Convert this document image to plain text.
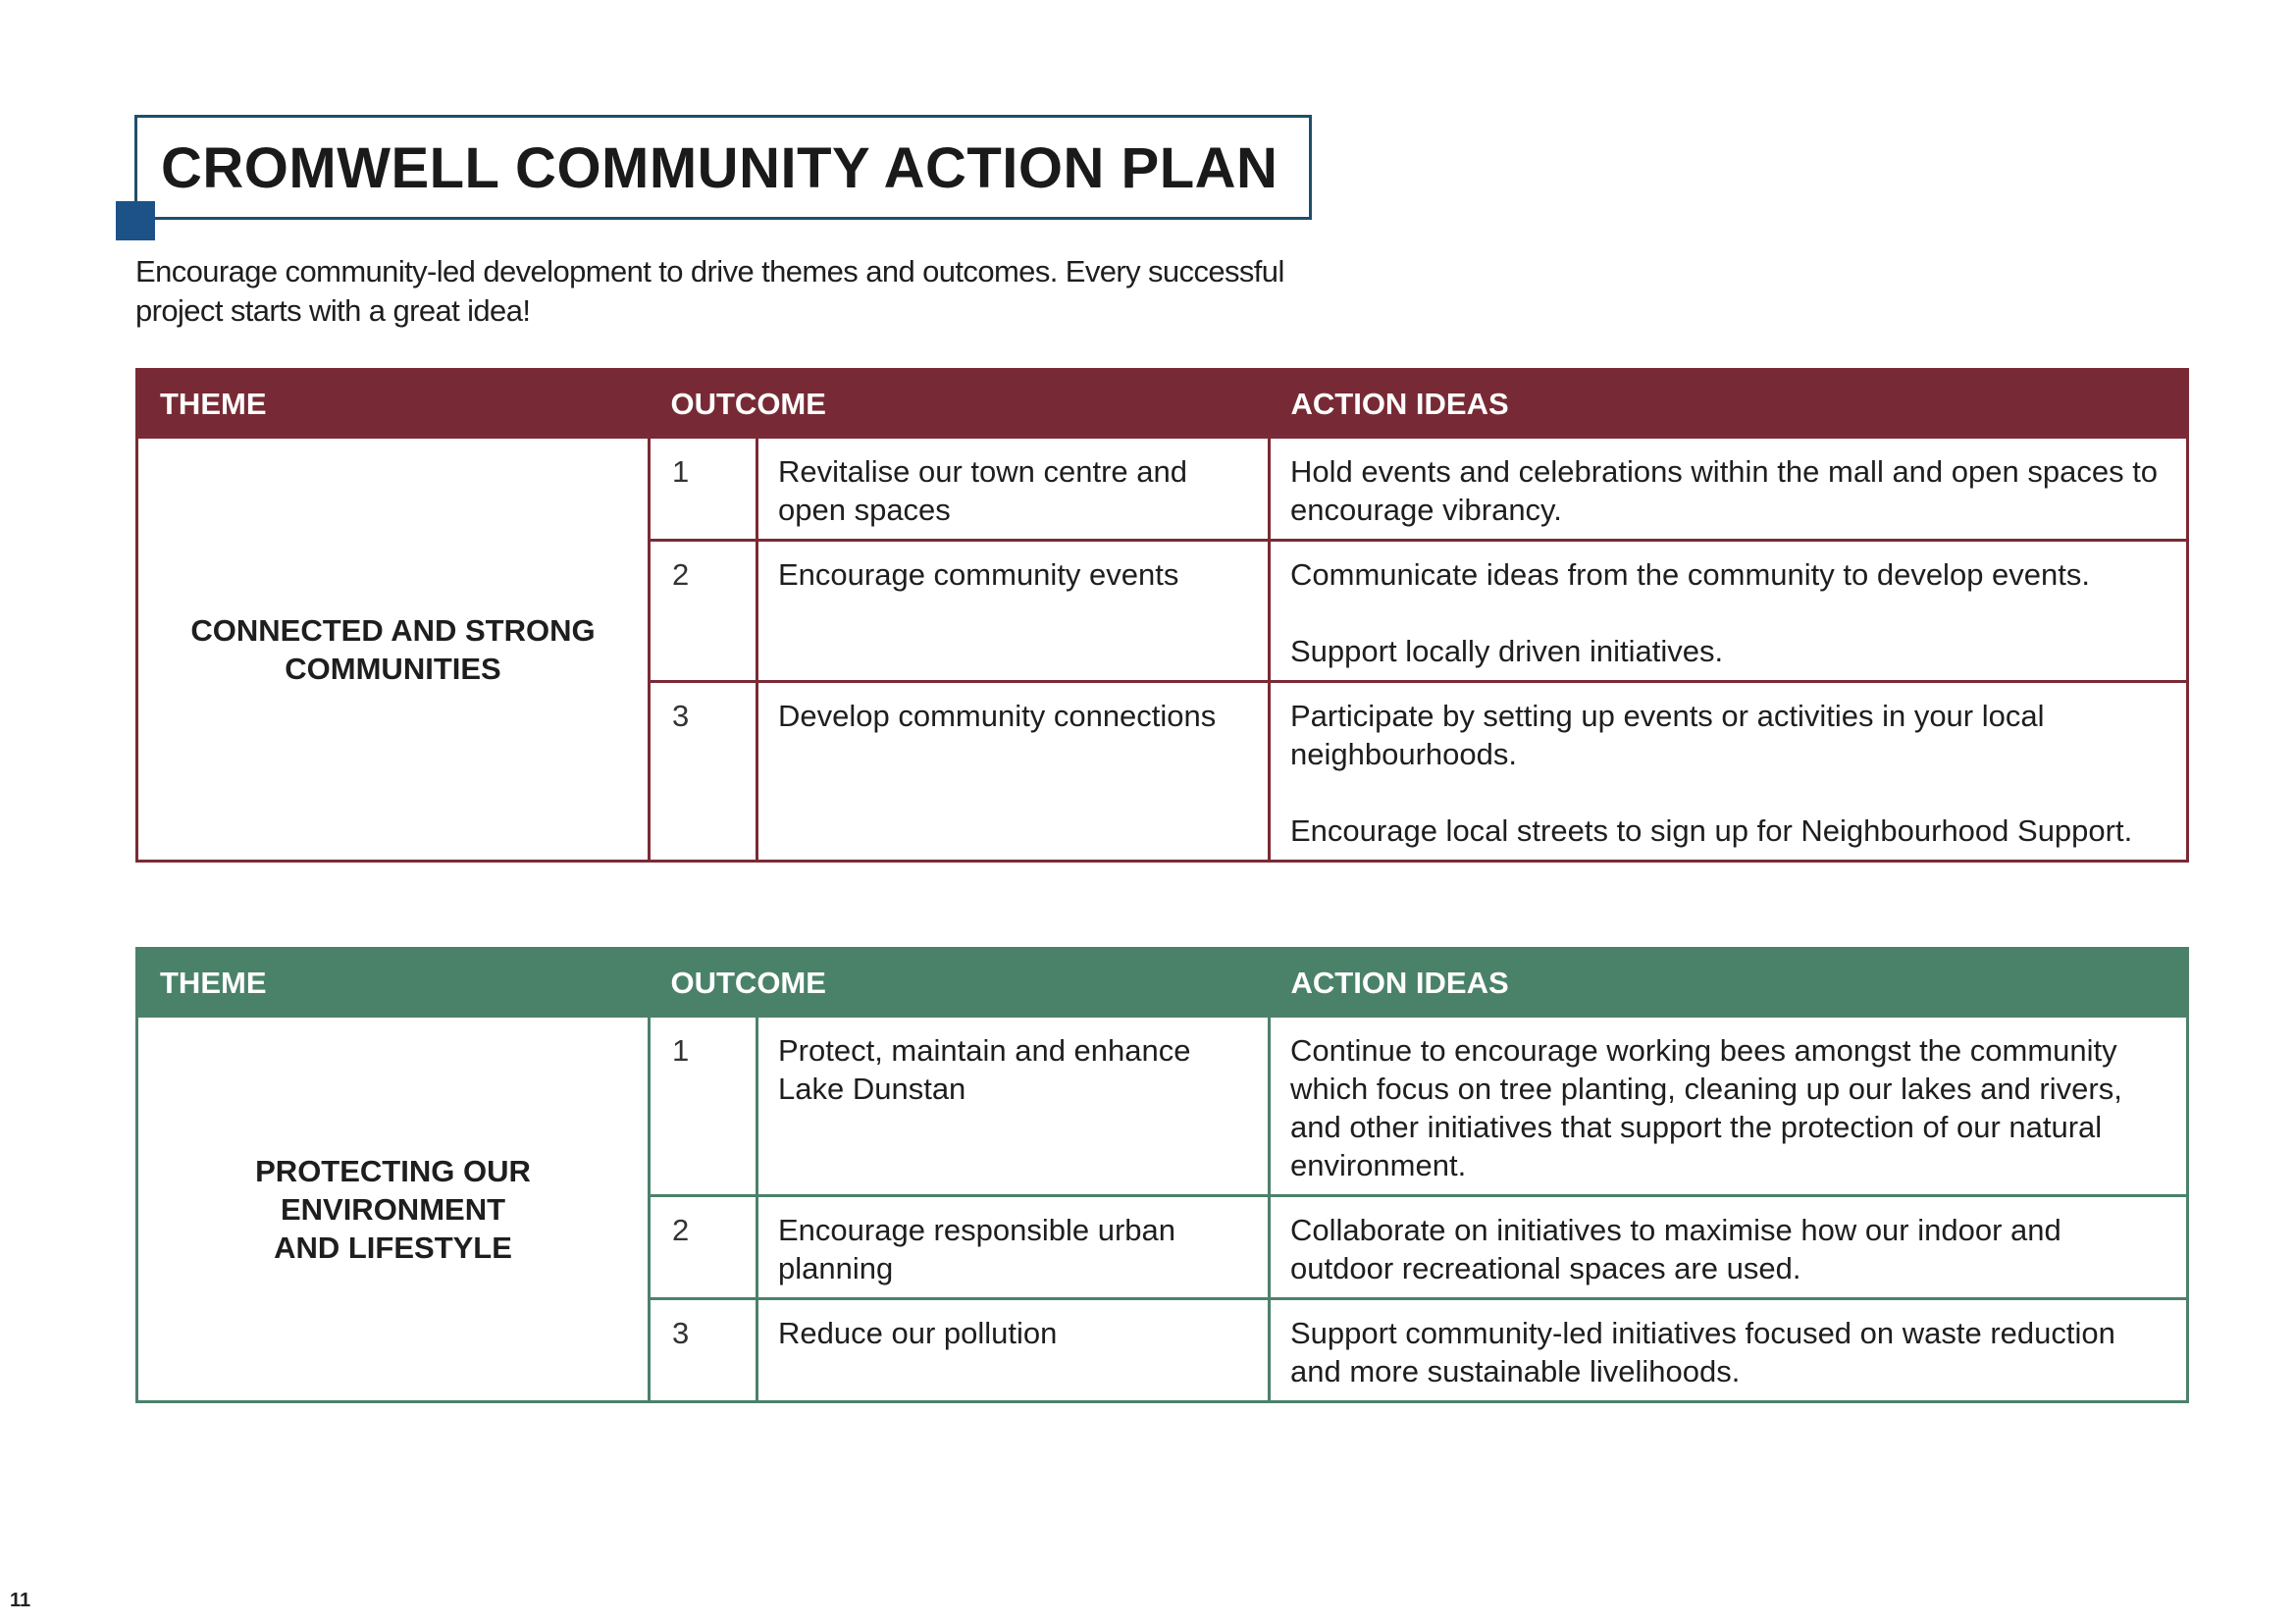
CROMWELL COMMUNITY ACTION PLAN
Encourage community-led development to drive themes and outcomes. Every successful project starts with a great idea!
THEME	OUTCOME		ACTION IDEAS

CONNECTED AND STRONG
COMMUNITIES	1	Revitalise our town centre and open spaces	Hold events and celebrations within the mall and open spaces to encourage vibrancy.

	2	Encourage community events	Communicate ideas from the community to develop events.
Support locally driven initiatives.

	3	Develop community connections	Participate by setting up events or activities in your local neighbourhoods.
Encourage local streets to sign up for Neighbourhood Support.
THEME	OUTCOME		ACTION IDEAS

PROTECTING OUR ENVIRONMENT
AND LIFESTYLE	1	Protect, maintain and enhance Lake Dunstan	Continue to encourage working bees amongst the community which focus on tree planting, cleaning up our lakes and rivers, and other initiatives that support the protection of our natural environment.

	2	Encourage responsible urban planning	Collaborate on initiatives to maximise how our indoor and outdoor recreational spaces are used.

	3	Reduce our pollution	Support community-led initiatives focused on waste reduction and more sustainable livelihoods.
11
